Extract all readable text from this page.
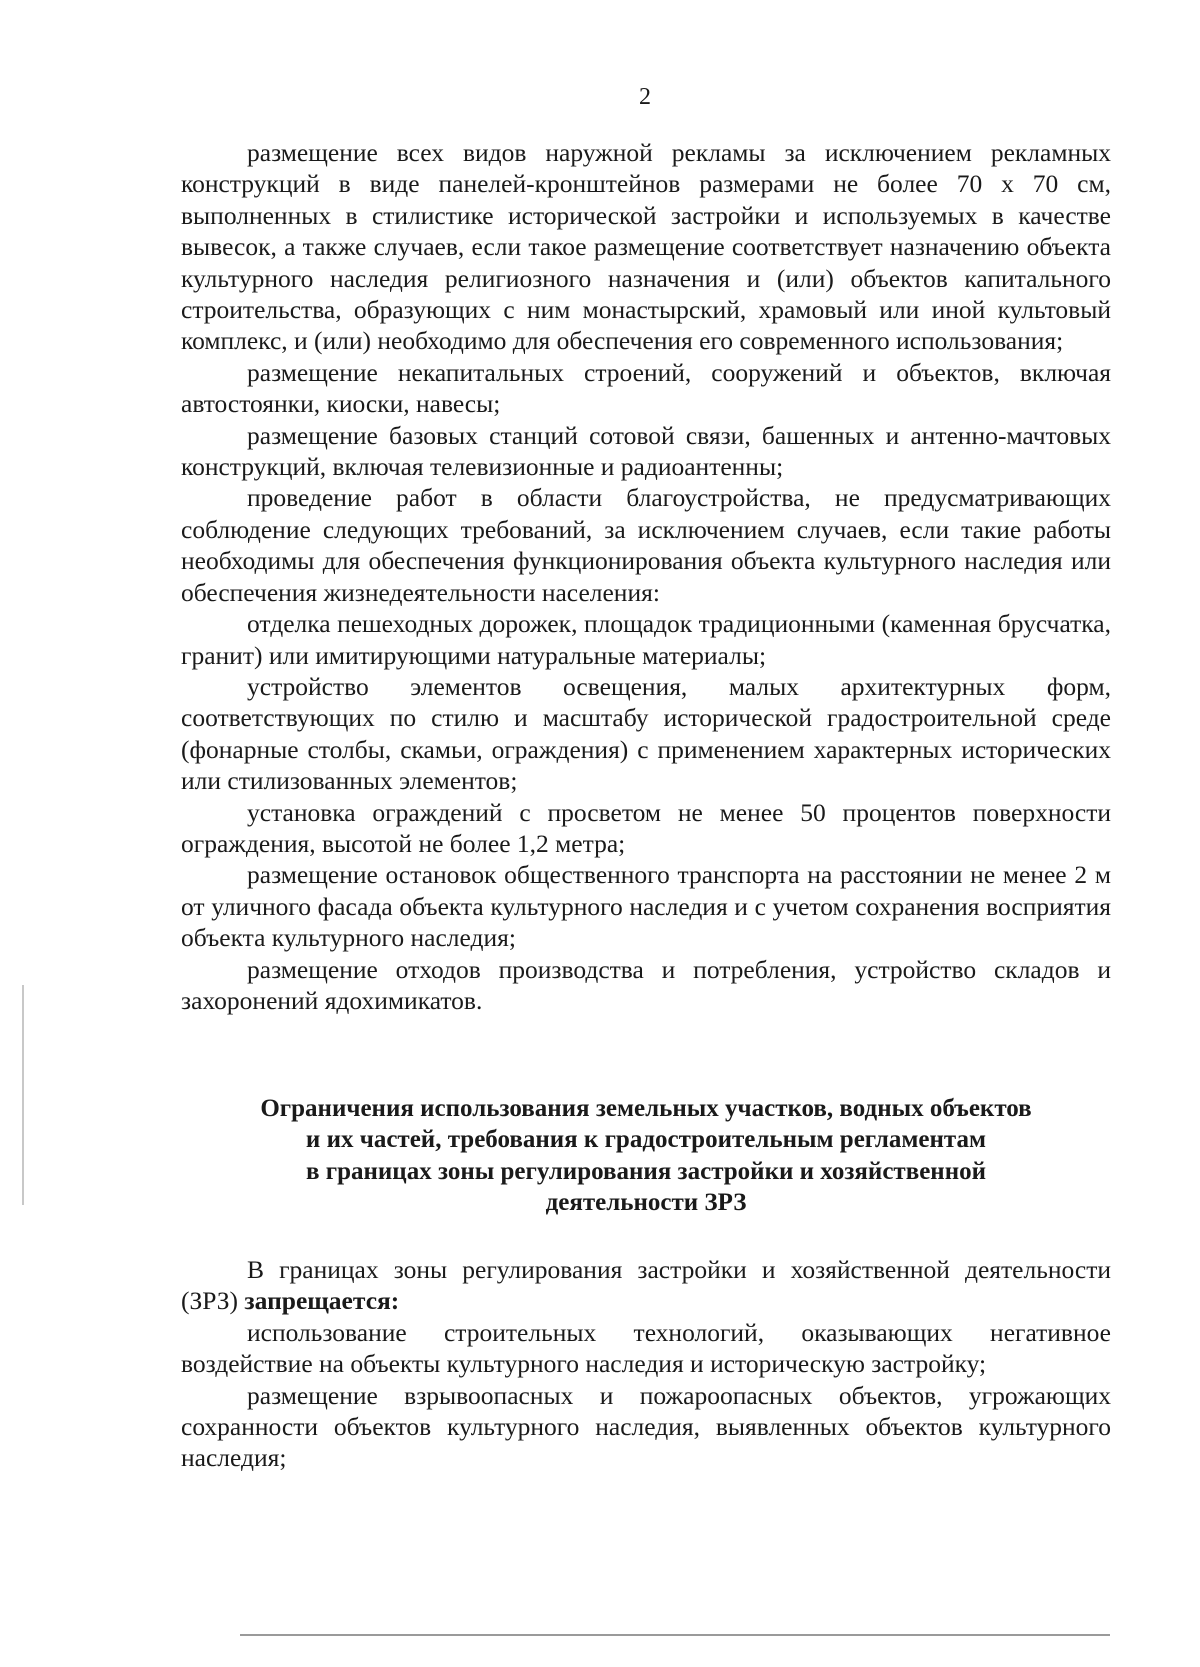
2

размещение всех видов наружной рекламы за исключением рекламных конструкций в виде панелей-кронштейнов размерами не более 70 х 70 см, выполненных в стилистике исторической застройки и используемых в качестве вывесок, а также случаев, если такое размещение соответствует назначению объекта культурного наследия религиозного назначения и (или) объектов капитального строительства, образующих с ним монастырский, храмовый или иной культовый комплекс, и (или) необходимо для обеспечения его современного использования;

размещение некапитальных строений, сооружений и объектов, включая автостоянки, киоски, навесы;

размещение базовых станций сотовой связи, башенных и антенно-мачтовых конструкций, включая телевизионные и радиоантенны;

проведение работ в области благоустройства, не предусматривающих соблюдение следующих требований, за исключением случаев, если такие работы необходимы для обеспечения функционирования объекта культурного наследия или обеспечения жизнедеятельности населения:

отделка пешеходных дорожек, площадок традиционными (каменная брусчатка, гранит) или имитирующими натуральные материалы;

устройство элементов освещения, малых архитектурных форм, соответствующих по стилю и масштабу исторической градостроительной среде (фонарные столбы, скамьи, ограждения) с применением характерных исторических или стилизованных элементов;

установка ограждений с просветом не менее 50 процентов поверхности ограждения, высотой не более 1,2 метра;

размещение остановок общественного транспорта на расстоянии не менее 2 м от уличного фасада объекта культурного наследия и с учетом сохранения восприятия объекта культурного наследия;

размещение отходов производства и потребления, устройство складов и захоронений ядохимикатов.

Ограничения использования земельных участков, водных объектов
и их частей, требования к градостроительным регламентам
в границах зоны регулирования застройки и хозяйственной
деятельности ЗРЗ

В границах зоны регулирования застройки и хозяйственной деятельности (ЗРЗ) запрещается:

использование строительных технологий, оказывающих негативное воздействие на объекты культурного наследия и историческую застройку;

размещение взрывоопасных и пожароопасных объектов, угрожающих сохранности объектов культурного наследия, выявленных объектов культурного наследия;
